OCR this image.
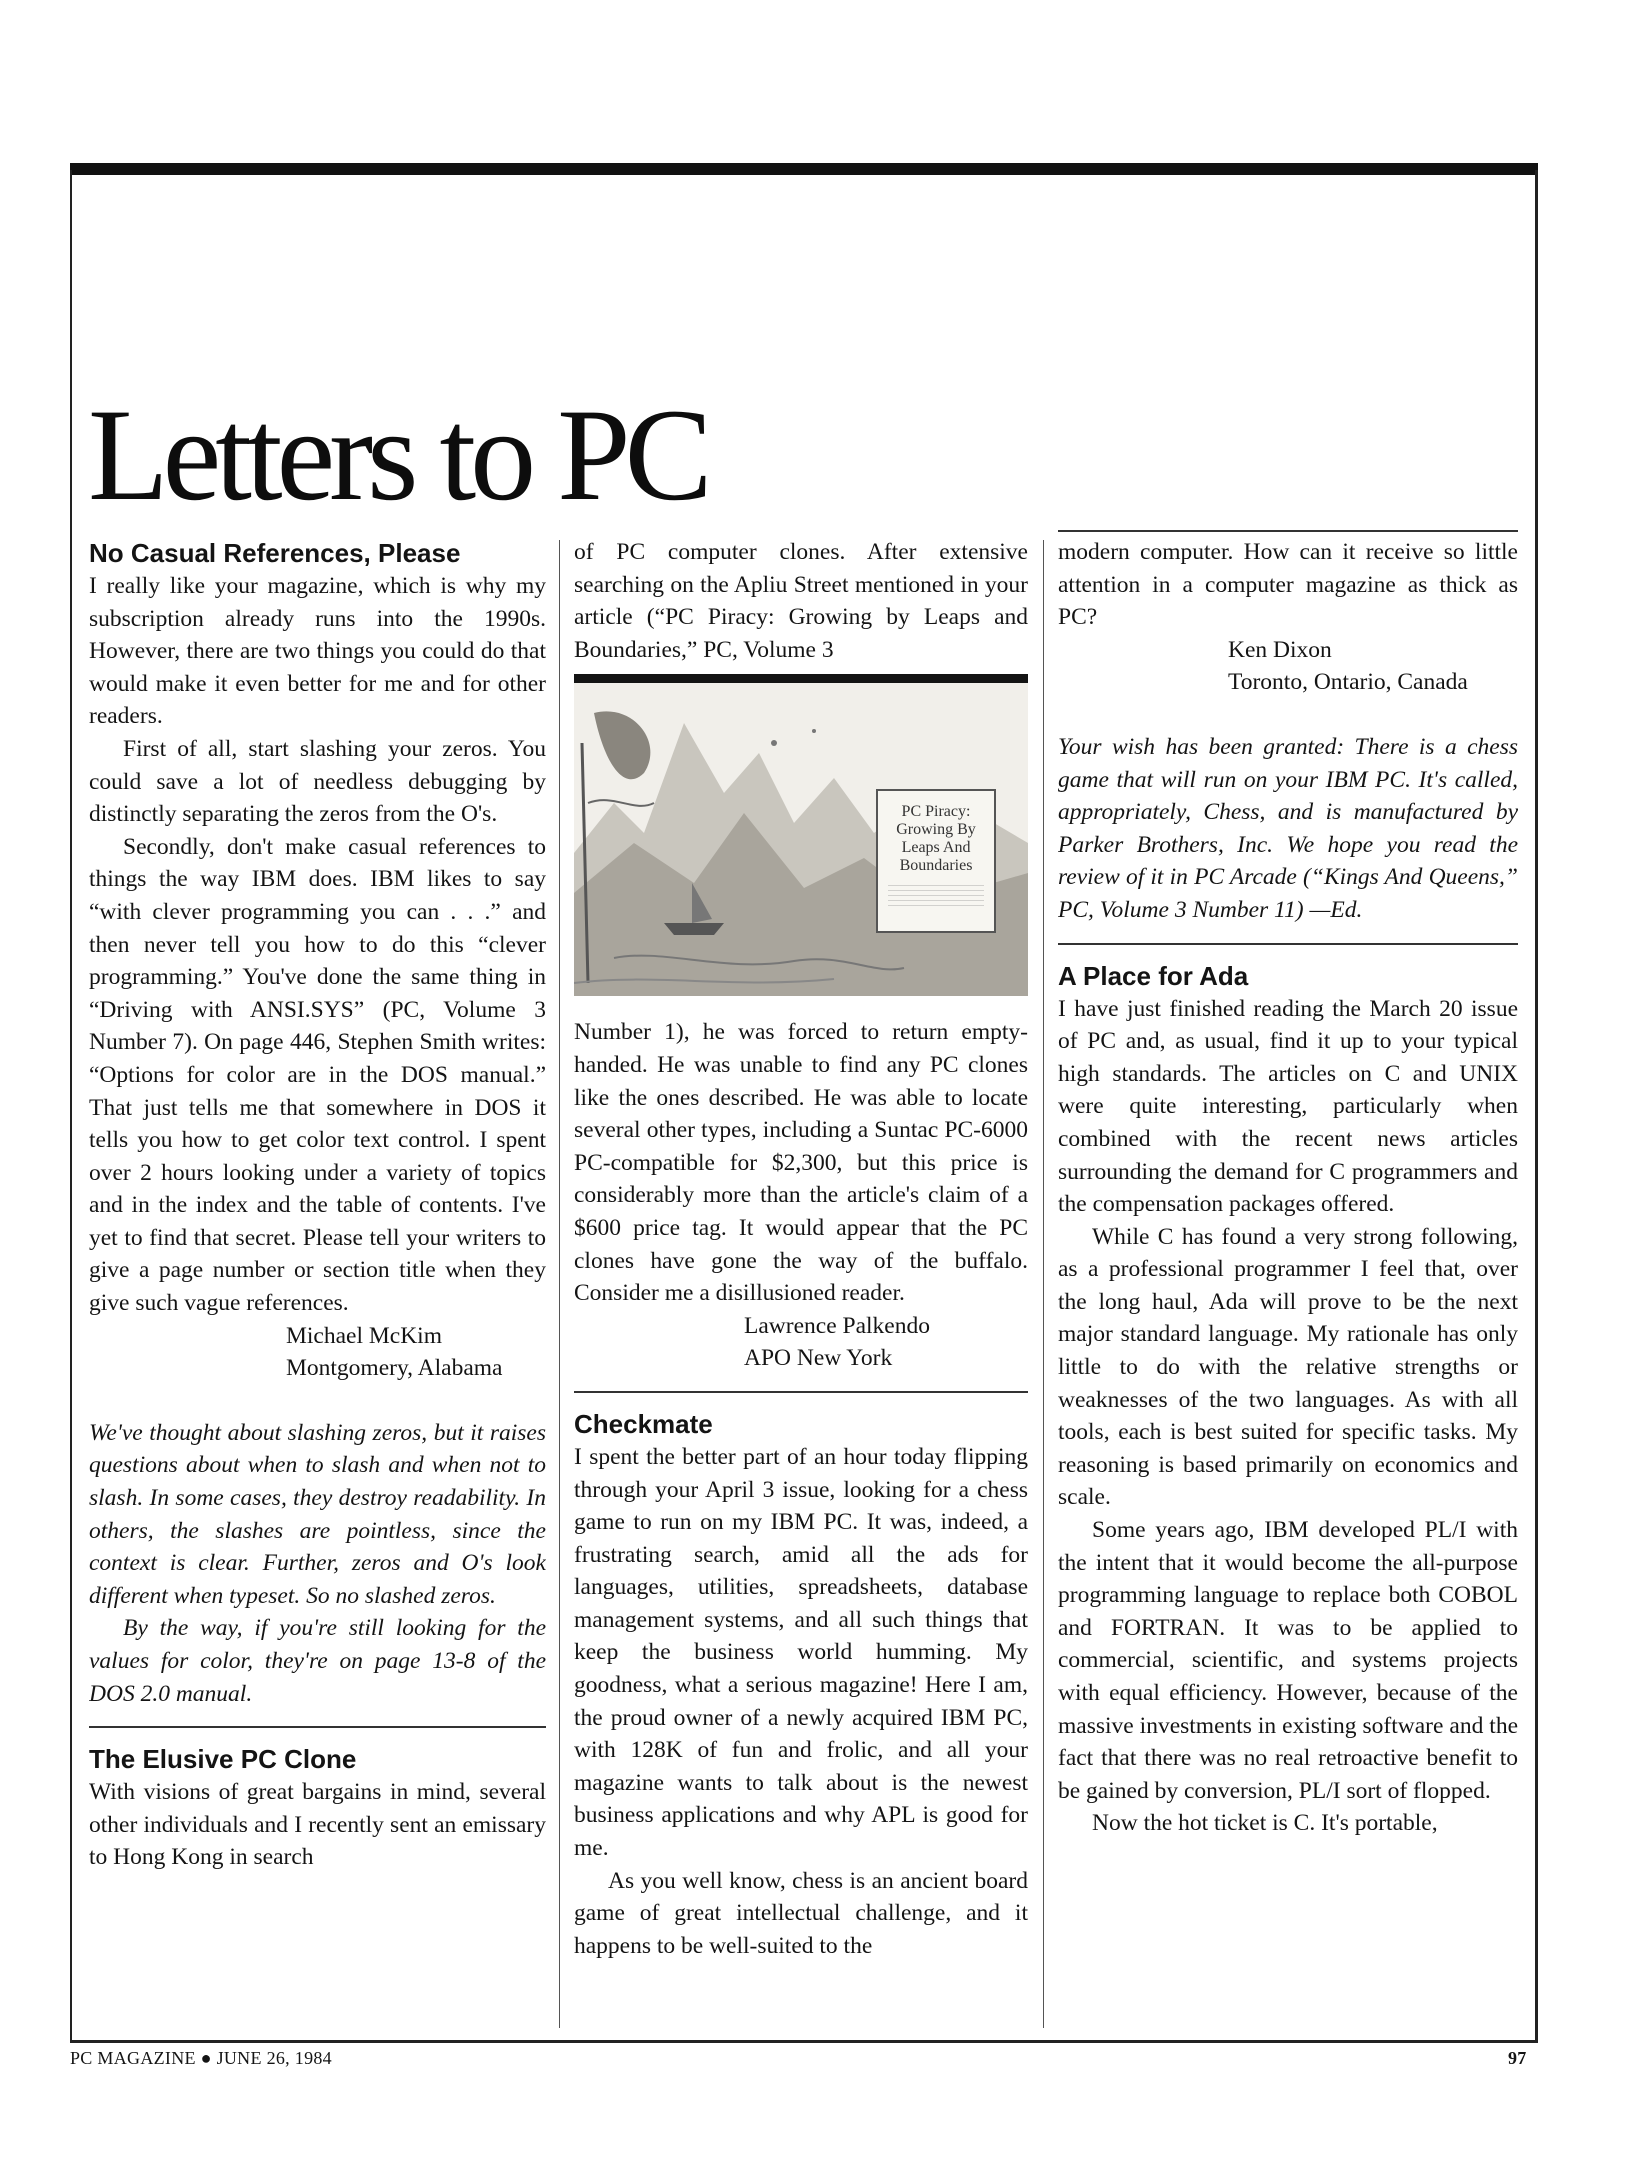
Letters to PC
No Casual References, Please

I really like your magazine, which is why my subscription already runs into the 1990s. However, there are two things you could do that would make it even better for me and for other readers.

First of all, start slashing your zeros. You could save a lot of needless debugging by distinctly separating the zeros from the O's.

Secondly, don't make casual references to things the way IBM does. IBM likes to say “with clever programming you can . . .” and then never tell you how to do this “clever programming.” You've done the same thing in “Driving with ANSI.SYS” (PC, Volume 3 Number 7). On page 446, Stephen Smith writes: “Options for color are in the DOS manual.” That just tells me that somewhere in DOS it tells you how to get color text control. I spent over 2 hours looking under a variety of topics and in the index and the table of contents. I've yet to find that secret. Please tell your writers to give a page number or section title when they give such vague references.

Michael McKim

Montgomery, Alabama

We've thought about slashing zeros, but it raises questions about when to slash and when not to slash. In some cases, they destroy readability. In others, the slashes are pointless, since the context is clear. Further, zeros and O's look different when typeset. So no slashed zeros.

By the way, if you're still looking for the values for color, they're on page 13-8 of the DOS 2.0 manual.

The Elusive PC Clone

With visions of great bargains in mind, several other individuals and I recently sent an emissary to Hong Kong in search

of PC computer clones. After extensive searching on the Apliu Street mentioned in your article (“PC Piracy: Growing by Leaps and Boundaries,” PC, Volume 3

PC Piracy: Growing By Leaps And Boundaries

Number 1), he was forced to return empty-handed. He was unable to find any PC clones like the ones described. He was able to locate several other types, including a Suntac PC-6000 PC-compatible for $2,300, but this price is considerably more than the article's claim of a $600 price tag. It would appear that the PC clones have gone the way of the buffalo. Consider me a disillusioned reader.

Lawrence Palkendo

APO New York

Checkmate

I spent the better part of an hour today flipping through your April 3 issue, looking for a chess game to run on my IBM PC. It was, indeed, a frustrating search, amid all the ads for languages, utilities, spreadsheets, database management systems, and all such things that keep the business world humming. My goodness, what a serious magazine! Here I am, the proud owner of a newly acquired IBM PC, with 128K of fun and frolic, and all your magazine wants to talk about is the newest business applications and why APL is good for me.

As you well know, chess is an ancient board game of great intellectual challenge, and it happens to be well-suited to the

modern computer. How can it receive so little attention in a computer magazine as thick as PC?

Ken Dixon

Toronto, Ontario, Canada

Your wish has been granted: There is a chess game that will run on your IBM PC. It's called, appropriately, Chess, and is manufactured by Parker Brothers, Inc. We hope you read the review of it in PC Arcade (“Kings And Queens,” PC, Volume 3 Number 11) —Ed.

A Place for Ada

I have just finished reading the March 20 issue of PC and, as usual, find it up to your typical high standards. The articles on C and UNIX were quite interesting, particularly when combined with the recent news articles surrounding the demand for C programmers and the compensation packages offered.

While C has found a very strong following, as a professional programmer I feel that, over the long haul, Ada will prove to be the next major standard language. My rationale has only little to do with the relative strengths or weaknesses of the two languages. As with all tools, each is best suited for specific tasks. My reasoning is based primarily on economics and scale.

Some years ago, IBM developed PL/I with the intent that it would become the all-purpose programming language to replace both COBOL and FORTRAN. It was to be applied to commercial, scientific, and systems projects with equal efficiency. However, because of the massive investments in existing software and the fact that there was no real retroactive benefit to be gained by conversion, PL/I sort of flopped.

Now the hot ticket is C. It's portable,

PC MAGAZINE ● JUNE 26, 1984	97
